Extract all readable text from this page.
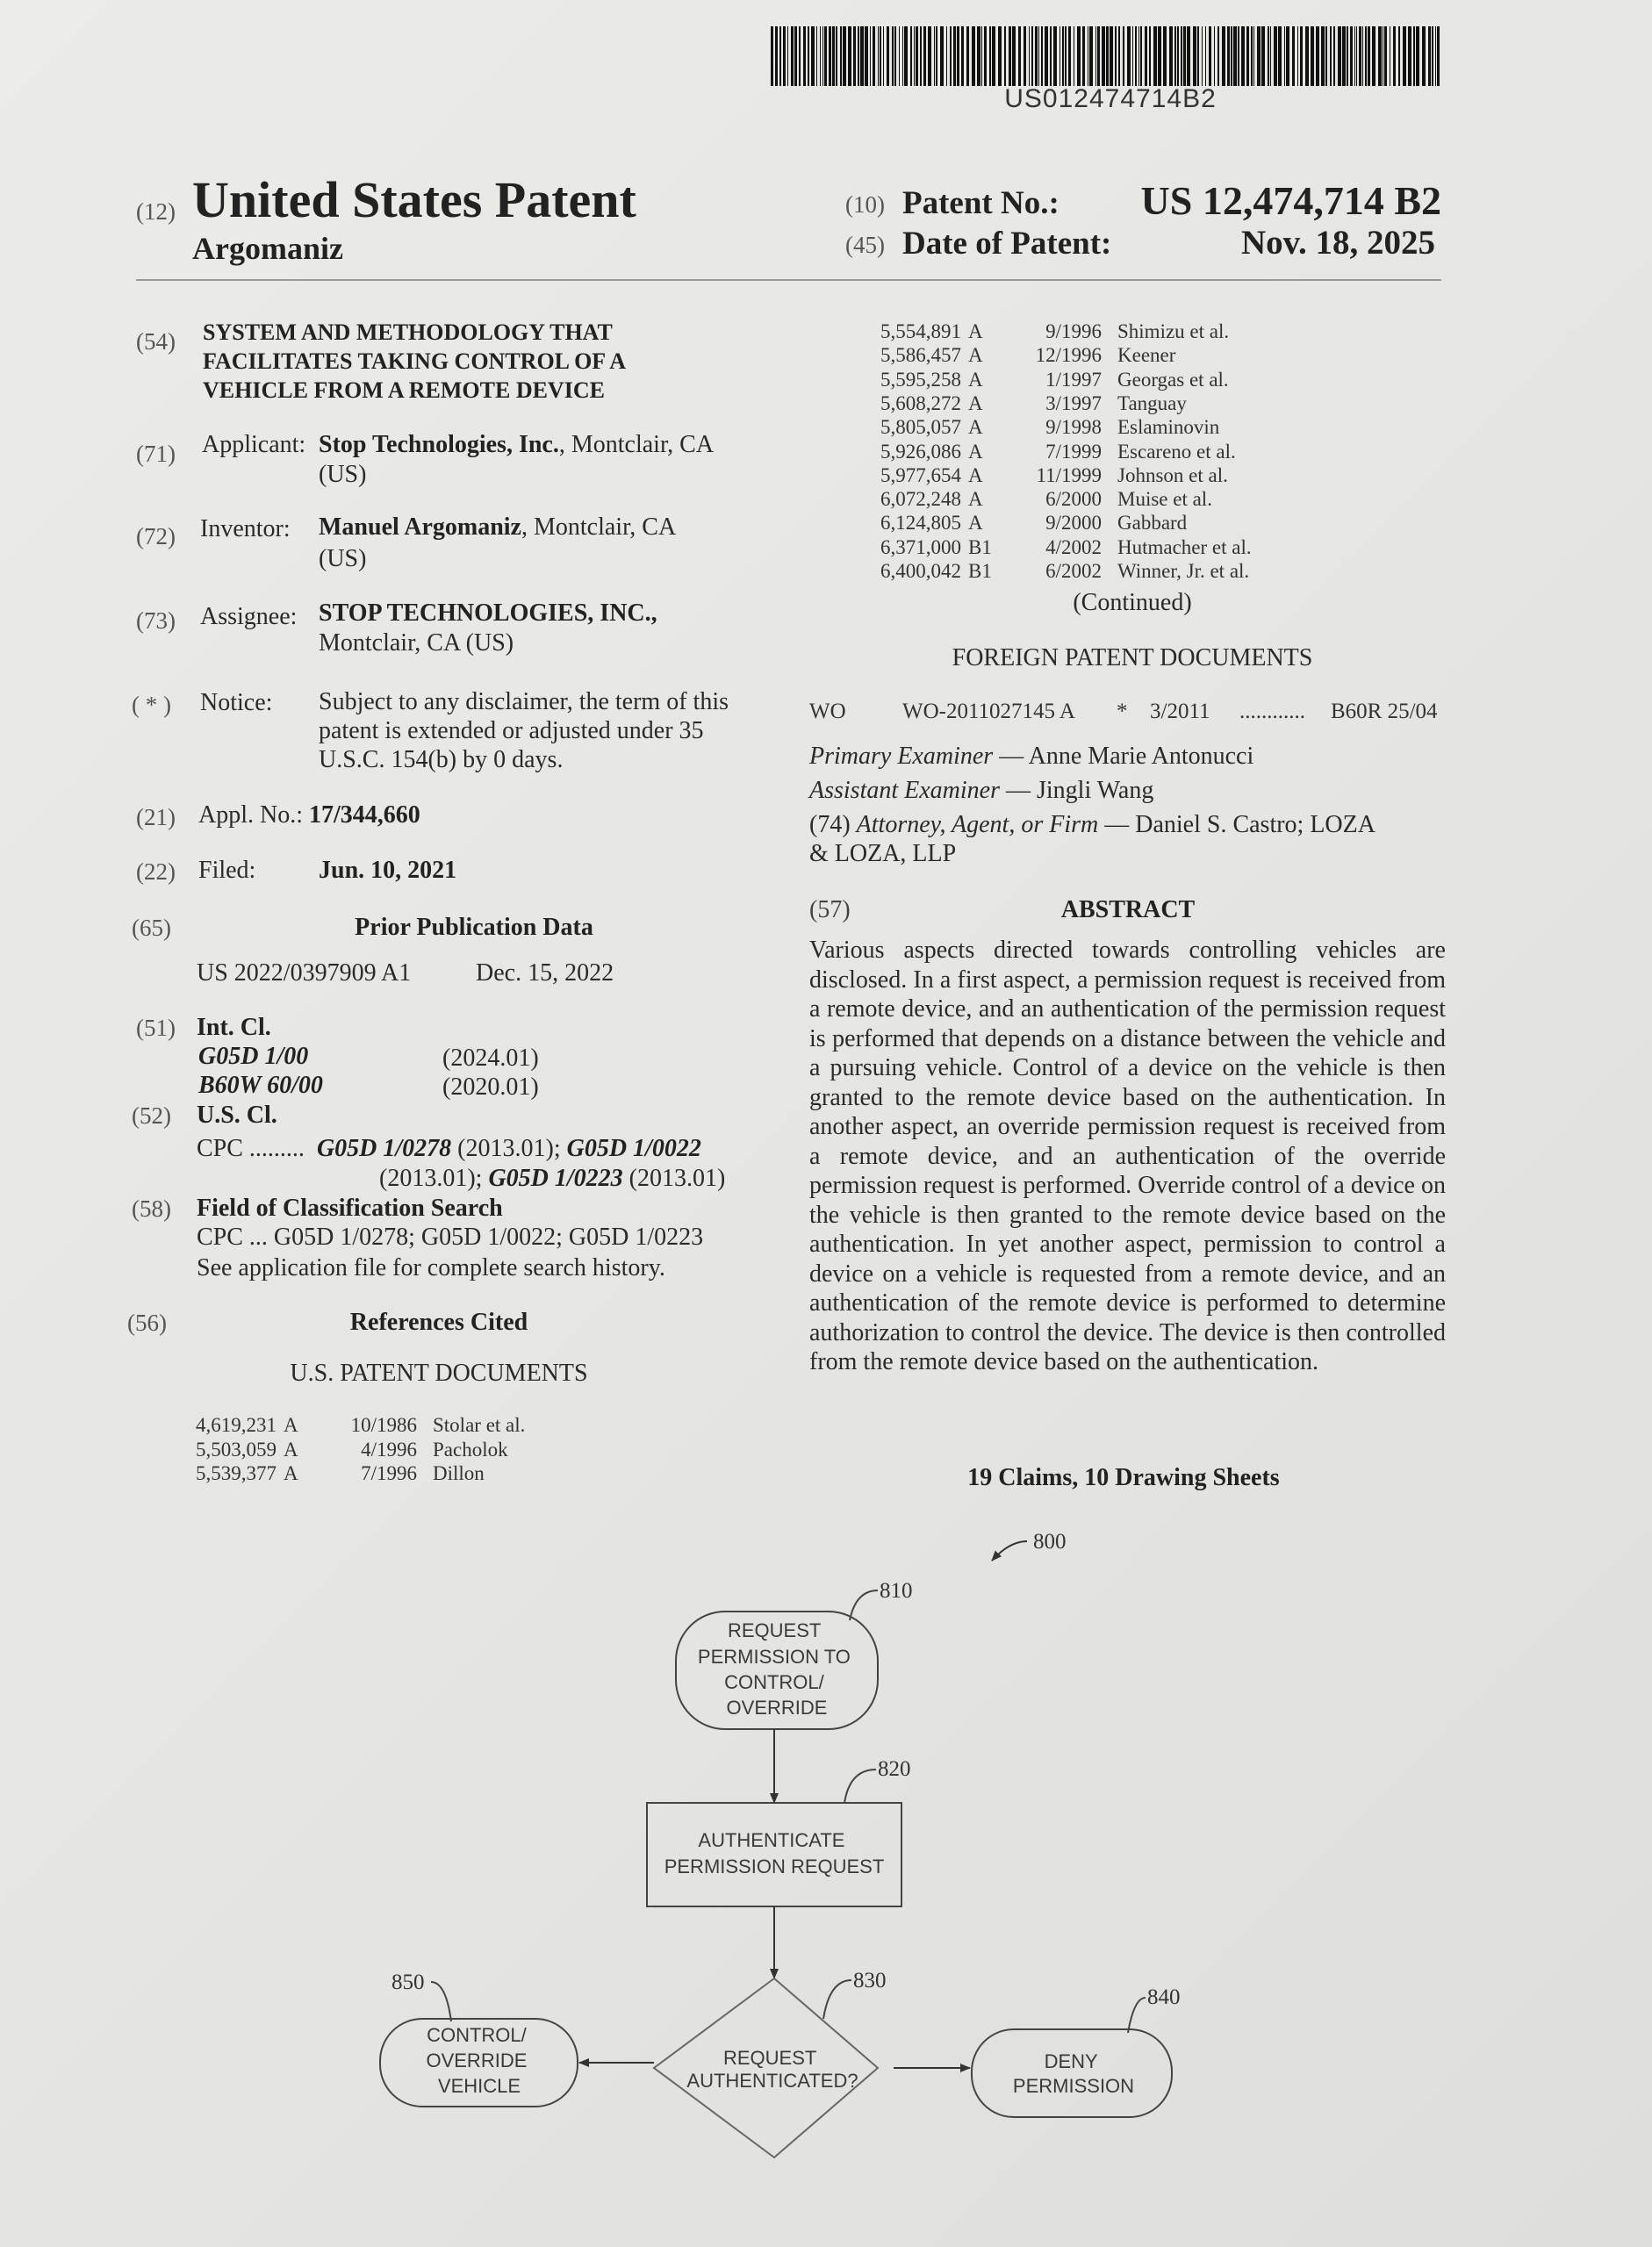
US012474714B2
(12) United States Patent
Argomaniz
(10) Patent No.: US 12,474,714 B2
(45) Date of Patent:	Nov. 18, 2025
(54) SYSTEM AND METHODOLOGY THAT
FACILITATES TAKING CONTROL OF A
VEHICLE FROM A REMOTE DEVICE
(71) Applicant: Stop Technologies, Inc., Montclair, CA
(US)
(72) Inventor: Manuel Argomaniz, Montclair, CA
(US)
(73) Assignee: STOP TECHNOLOGIES, INC.,
Montclair, CA (US)
( * ) Notice: Subject to any disclaimer, the term of this
patent is extended or adjusted under 35
U.S.C. 154(b) by 0 days.
(21) Appl. No.: 17/344,660
(22) Filed:	Jun. 10, 2021
(65)	Prior Publication Data
US 2022/0397909 A1	Dec. 15, 2022
(51) Int. Cl.
G05D 1/00	(2024.01)
B60W 60/00	(2020.01)
(52) U.S. Cl.
CPC ......... G05D 1/0278 (2013.01); G05D 1/0022
(2013.01); G05D 1/0223 (2013.01)
(58) Field of Classification Search
CPC ... G05D 1/0278; G05D 1/0022; G05D 1/0223
See application file for complete search history.
(56)	References Cited
U.S. PATENT DOCUMENTS
4,619,231 A	10/1986 Stolar et al.
5,503,059 A	4/1996 Pacholok
5,539,377 A	7/1996 Dillon
5,554,891 A	9/1996 Shimizu et al.
5,586,457 A	12/1996 Keener
5,595,258 A	1/1997 Georgas et al.
5,608,272 A	3/1997 Tanguay
5,805,057 A	9/1998 Eslaminovin
5,926,086 A	7/1999 Escareno et al.
5,977,654 A	11/1999 Johnson et al.
6,072,248 A	6/2000 Muise et al.
6,124,805 A	9/2000 Gabbard
6,371,000 B1	4/2002 Hutmacher et al.
6,400,042 B1	6/2002 Winner, Jr. et al.
(Continued)
FOREIGN PATENT DOCUMENTS
WO	WO-2011027145 A * 3/2011 ............ B60R 25/04
Primary Examiner — Anne Marie Antonucci
Assistant Examiner — Jingli Wang
(74) Attorney, Agent, or Firm — Daniel S. Castro; LOZA
& LOZA, LLP
(57)	ABSTRACT
Various aspects directed towards controlling vehicles are disclosed. In a first aspect, a permission request is received from a remote device, and an authentication of the permission request is performed that depends on a distance between the vehicle and a pursuing vehicle. Control of a device on the vehicle is then granted to the remote device based on the authentication. In another aspect, an override permission request is received from a remote device, and an authentication of the override permission request is performed. Override control of a device on the vehicle is then granted to the remote device based on the authentication. In yet another aspect, permission to control a device on a vehicle is requested from a remote device, and an authentication of the remote device is performed to determine authorization to control the device. The device is then controlled from the remote device based on the authentication.
19 Claims, 10 Drawing Sheets
800
REQUEST PERMISSION TO CONTROL/ OVERRIDE
810
AUTHENTICATE PERMISSION REQUEST
820
REQUEST AUTHENTICATED?
830
DENY PERMISSION
840
CONTROL/ OVERRIDE VEHICLE
850
